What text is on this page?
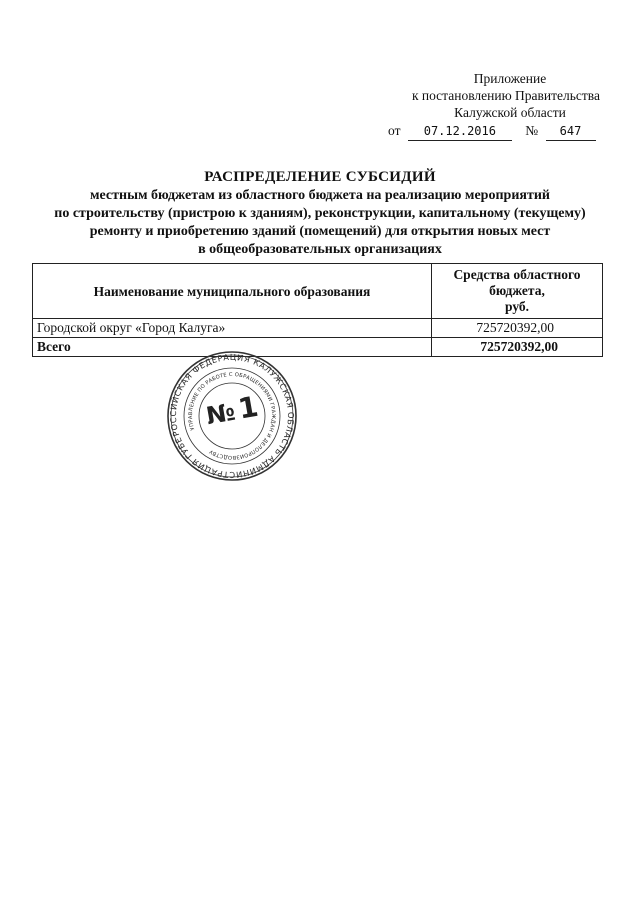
Приложение
к постановлению Правительства
Калужской области
от 07.12.2016 № 647
РАСПРЕДЕЛЕНИЕ СУБСИДИЙ
местным бюджетам из областного бюджета на реализацию мероприятий
по строительству (пристрою к зданиям), реконструкции, капитальному (текущему)
ремонту и приобретению зданий (помещений) для открытия новых мест
в общеобразовательных организациях
Наименование муниципального образования	Средства областного
бюджета,
руб.

Городской округ «Город Калуга»	725720392,00
Всего	725720392,00
РОССИЙСКАЯ ФЕДЕРАЦИЯ КАЛУЖСКАЯ ОБЛАСТЬ АДМИНИСТРАЦИЯ ГУБЕРНАТОРА
УПРАВЛЕНИЕ ПО РАБОТЕ С ОБРАЩЕНИЯМИ ГРАЖДАН И ДЕЛОПРОИЗВОДСТВУ
№1
